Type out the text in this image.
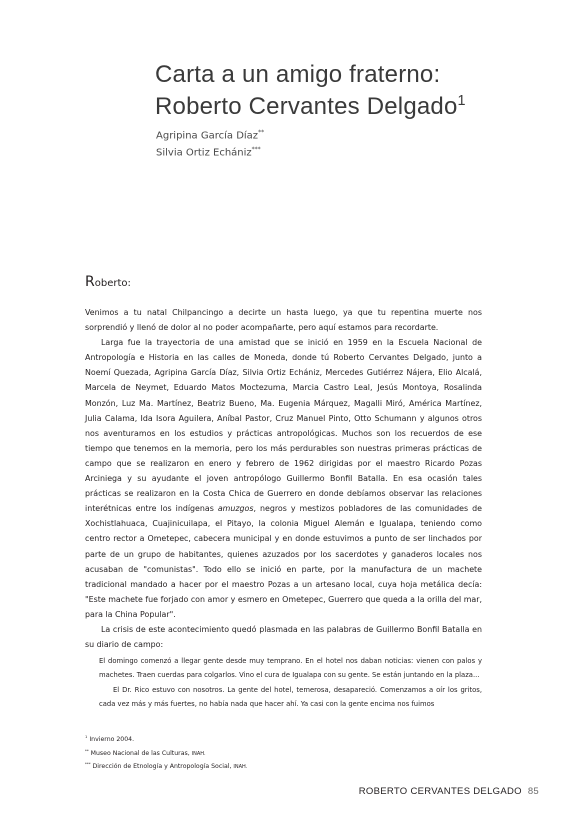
Carta a un amigo fraterno:
Roberto Cervantes Delgado$^1$
Agripina García Díaz**
Silvia Ortiz Echániz***
Roberto:

Venimos a tu natal Chilpancingo a decirte un hasta luego, ya que tu repentina muerte nos sorprendió y llenó de dolor al no poder acompañarte, pero aquí estamos para recordarte.

Larga fue la trayectoria de una amistad que se inició en 1959 en la Escuela Nacional de Antropología e Historia en las calles de Moneda, donde tú Roberto Cervantes Delgado, junto a Noemí Quezada, Agripina García Díaz, Silvia Ortiz Echániz, Mercedes Gutiérrez Nájera, Elio Alcalá, Marcela de Neymet, Eduardo Matos Moctezuma, Marcia Castro Leal, Jesús Montoya, Rosalinda Monzón, Luz Ma. Martínez, Beatriz Bueno, Ma. Eugenia Márquez, Magalli Miró, América Martínez, Julia Calama, Ida Isora Aguilera, Aníbal Pastor, Cruz Manuel Pinto, Otto Schumann y algunos otros nos aventuramos en los estudios y prácticas antropológicas. Muchos son los recuerdos de ese tiempo que tenemos en la memoria, pero los más perdurables son nuestras primeras prácticas de campo que se realizaron en enero y febrero de 1962 dirigidas por el maestro Ricardo Pozas Arciniega y su ayudante el joven antropólogo Guillermo Bonfil Batalla. En esa ocasión tales prácticas se realizaron en la Costa Chica de Guerrero en donde debíamos observar las relaciones interétnicas entre los indígenas amuzgos, negros y mestizos pobladores de las comunidades de Xochistlahuaca, Cuajinicuilapa, el Pitayo, la colonia Miguel Alemán e Igualapa, teniendo como centro rector a Ometepec, cabecera municipal y en donde estuvimos a punto de ser linchados por parte de un grupo de habitantes, quienes azuzados por los sacerdotes y ganaderos locales nos acusaban de "comunistas". Todo ello se inició en parte, por la manufactura de un machete tradicional mandado a hacer por el maestro Pozas a un artesano local, cuya hoja metálica decía: "Este machete fue forjado con amor y esmero en Ometepec, Guerrero que queda a la orilla del mar, para la China Popular".

La crisis de este acontecimiento quedó plasmada en las palabras de Guillermo Bonfil Batalla en su diario de campo:

El domingo comenzó a llegar gente desde muy temprano. En el hotel nos daban noticias: vienen con palos y machetes. Traen cuerdas para colgarlos. Vino el cura de Igualapa con su gente. Se están juntando en la plaza...

El Dr. Rico estuvo con nosotros. La gente del hotel, temerosa, desapareció. Comenzamos a oír los gritos, cada vez más y más fuertes, no había nada que hacer ahí. Ya casi con la gente encima nos fuimos

$^1$ Invierno 2004.
** Museo Nacional de las Culturas, INAH.
*** Dirección de Etnología y Antropología Social, INAH.
ROBERTO CERVANTES DELGADO 85
